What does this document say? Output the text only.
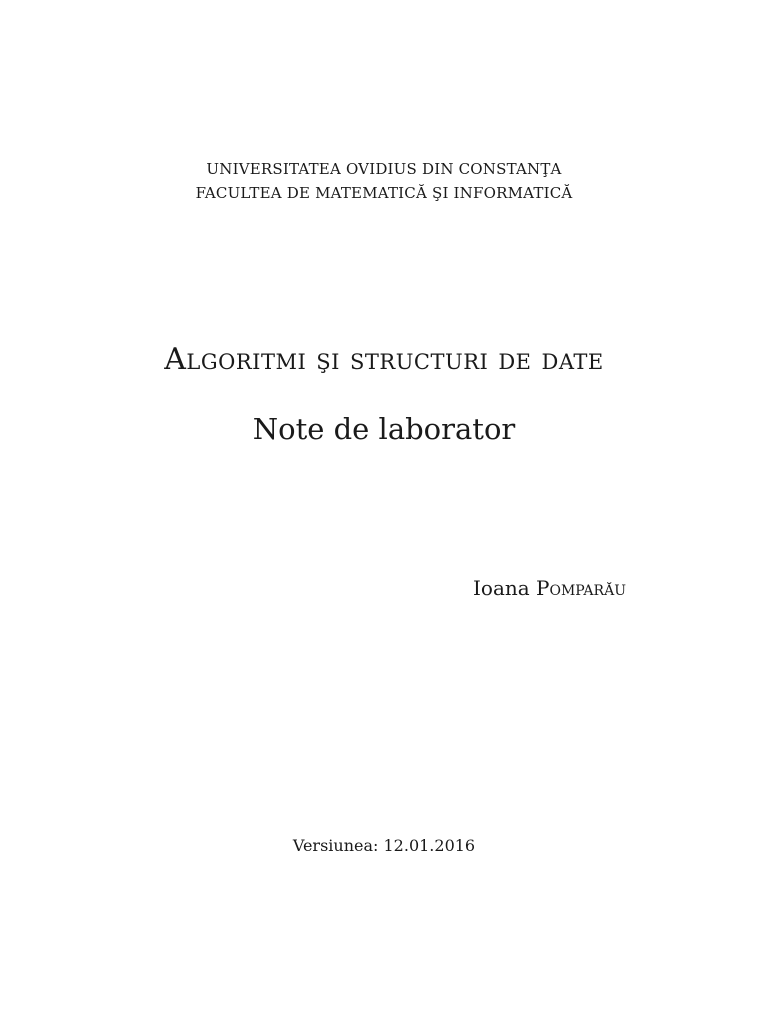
UNIVERSITATEA OVIDIUS DIN CONSTANŢA
FACULTEA DE MATEMATICĂ ŞI INFORMATICĂ
Algoritmi şi structuri de date
Note de laborator
Ioana Pomparău
Versiunea: 12.01.2016
